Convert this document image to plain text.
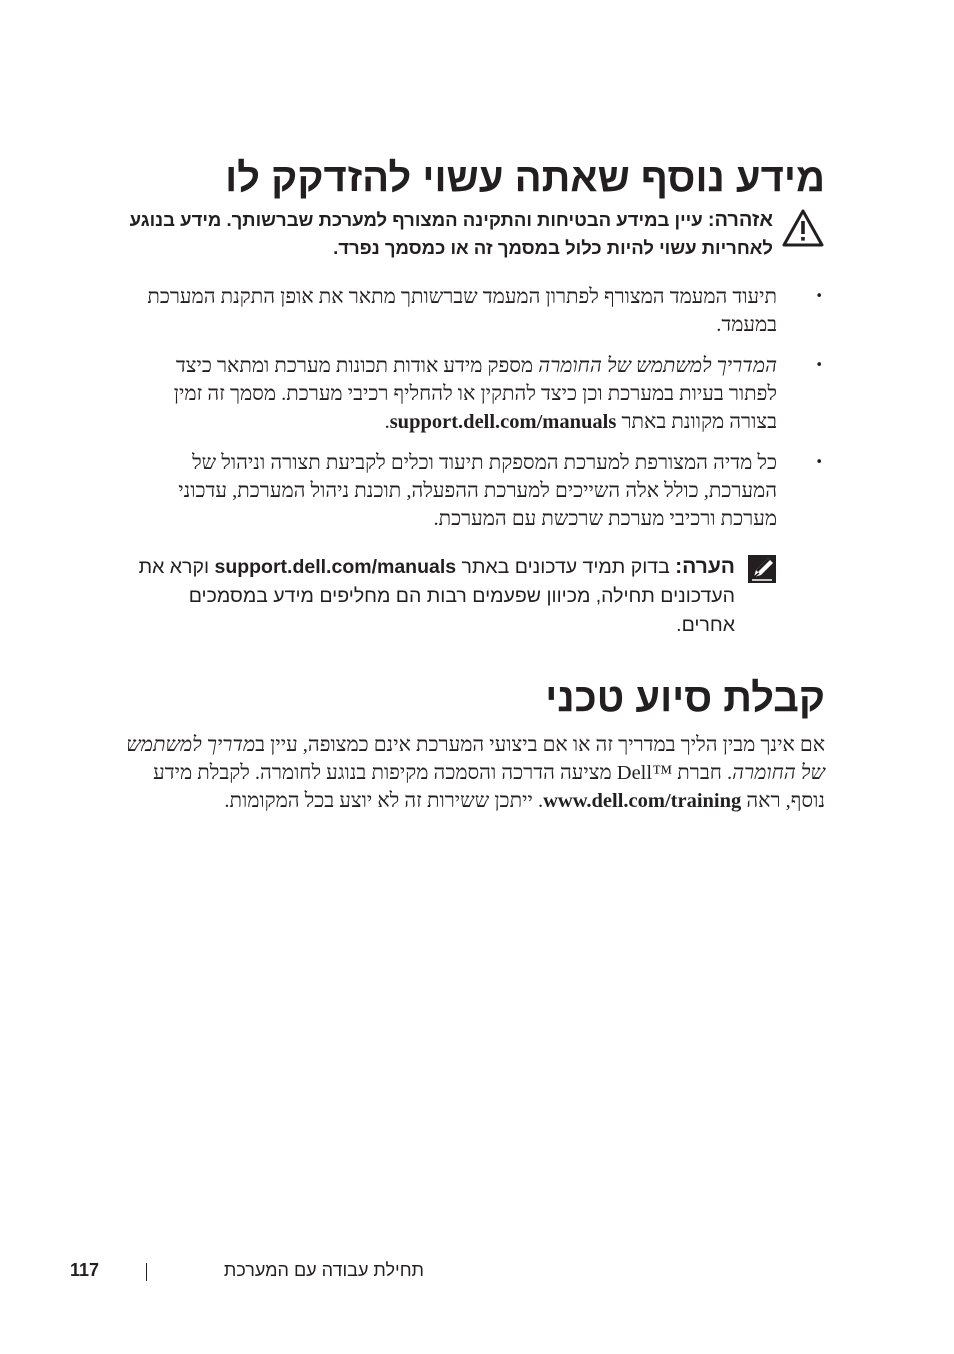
מידע נוסף שאתה עשוי להזדקק לו
אזהרה: עיין במידע הבטיחות והתקינה המצורף למערכת שברשותך. מידע בנוגע לאחריות עשוי להיות כלול במסמך זה או כמסמך נפרד.
•
תיעוד המעמד המצורף לפתרון המעמד שברשותך מתאר את אופן התקנת המערכת במעמד.
•
המדריך למשתמש של החומרה מספק מידע אודות תכונות מערכת ומתאר כיצד לפתור בעיות במערכת וכן כיצד להתקין או להחליף רכיבי מערכת. מסמך זה זמין בצורה מקוונת באתר support.dell.com/manuals.
•
כל מדיה המצורפת למערכת המספקת תיעוד וכלים לקביעת תצורה וניהול של המערכת, כולל אלה השייכים למערכת ההפעלה, תוכנת ניהול המערכת, עדכוני מערכת ורכיבי מערכת שרכשת עם המערכת.
הערה: בדוק תמיד עדכונים באתר support.dell.com/manuals וקרא את העדכונים תחילה, מכיוון שפעמים רבות הם מחליפים מידע במסמכים אחרים.
קבלת סיוע טכני

אם אינך מבין הליך במדריך זה או אם ביצועי המערכת אינם כמצופה, עיין במדריך למשתמש של החומרה. חברת Dell™ מציעה הדרכה והסמכה מקיפות בנוגע לחומרה. לקבלת מידע נוסף, ראה www.dell.com/training. ייתכן ששירות זה לא יוצע בכל המקומות.

תחילת עבודה עם המערכת
117
